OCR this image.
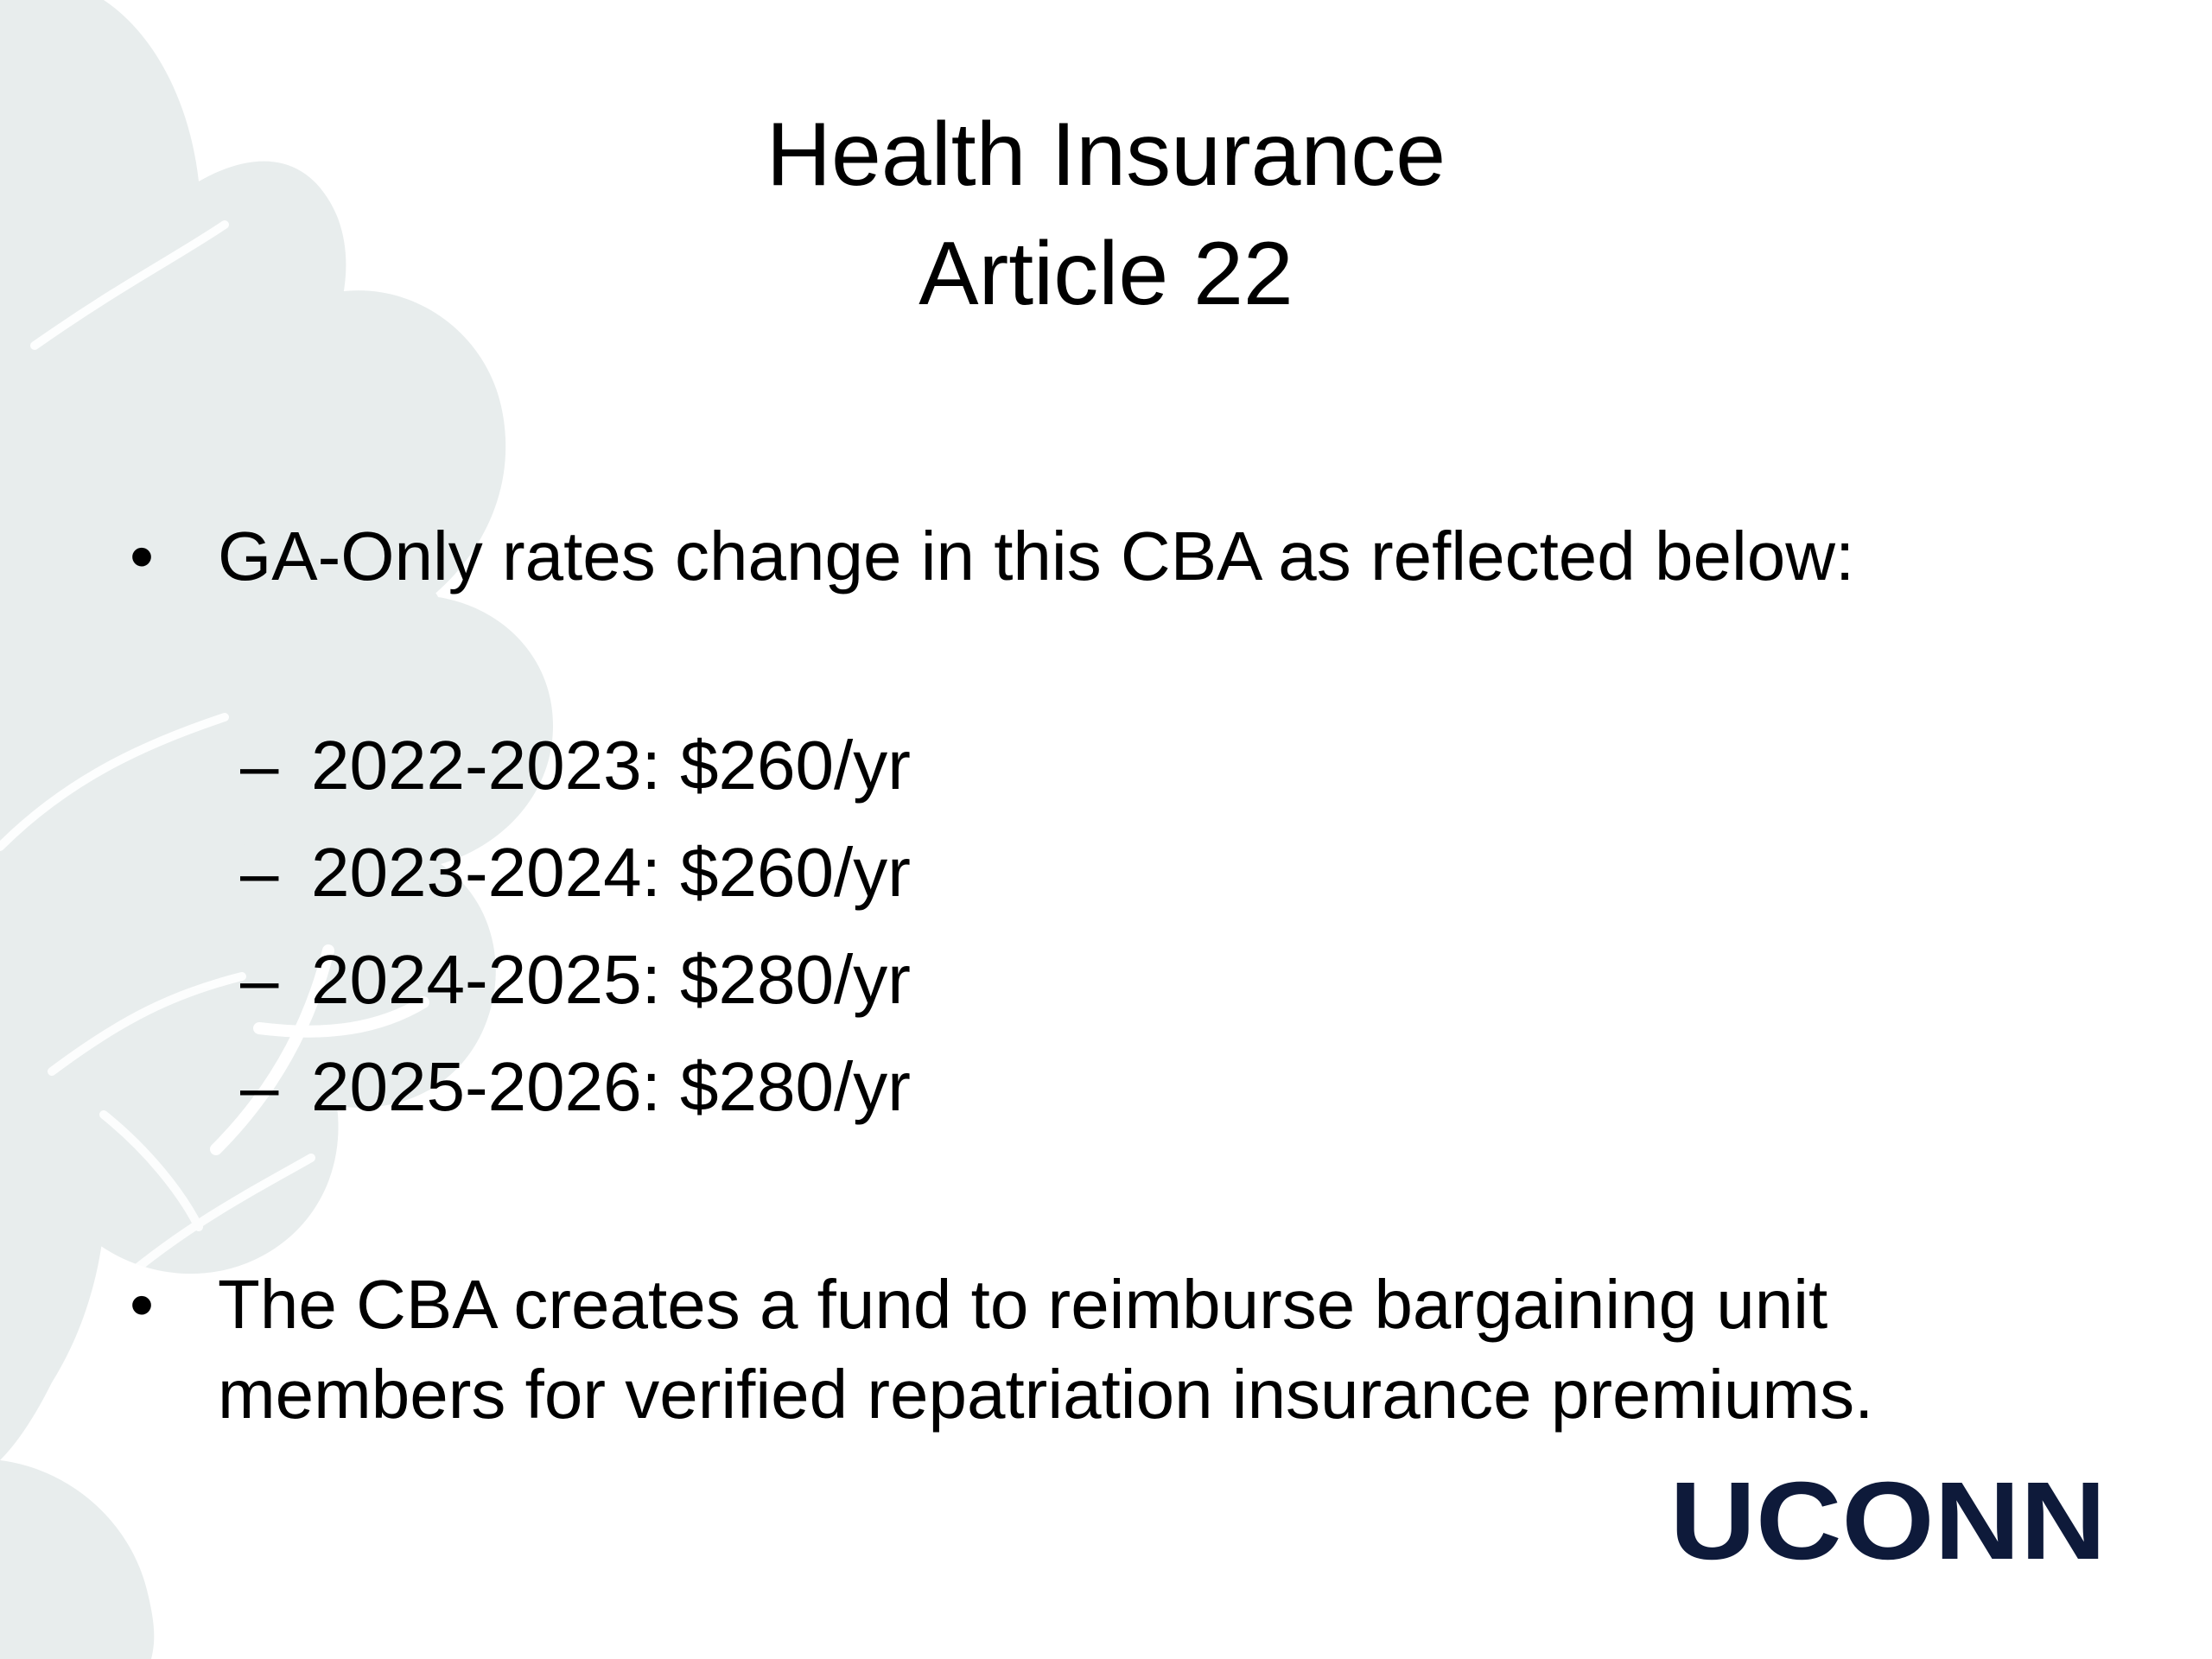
Health Insurance
Article 22
• GA-Only rates change in this CBA as reflected below:
– 2022-2023: $260/yr
– 2023-2024: $260/yr
– 2024-2025: $280/yr
– 2025-2026: $280/yr
• The CBA creates a fund to reimburse bargaining unit
members for verified repatriation insurance premiums.
UCONN
